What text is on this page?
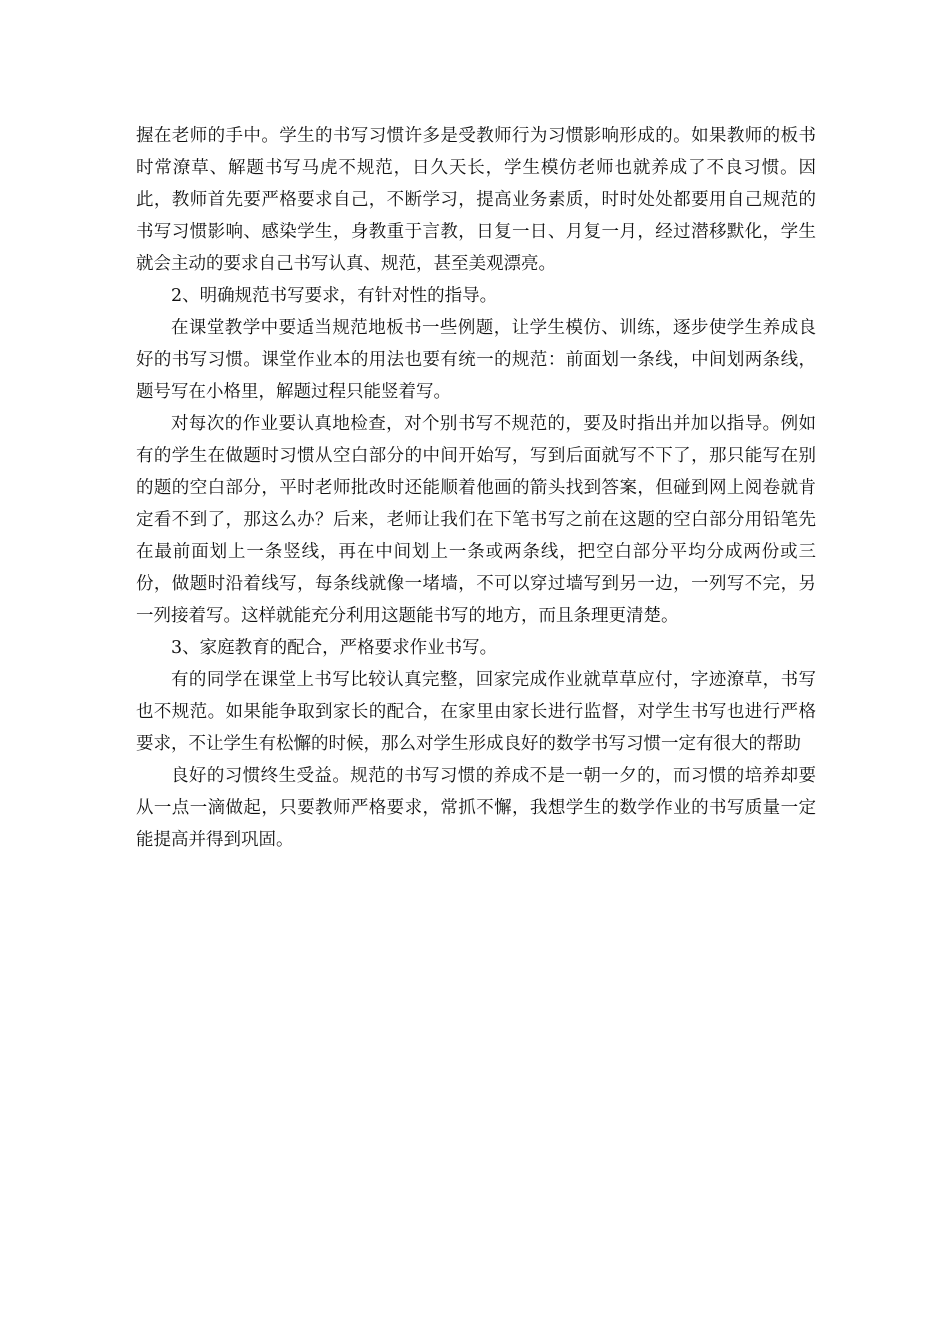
握在老师的手中。学生的书写习惯许多是受教师行为习惯影响形成的。如果教师的板书时常潦草、解题书写马虎不规范，日久天长，学生模仿老师也就养成了不良习惯。因此，教师首先要严格要求自己，不断学习，提高业务素质，时时处处都要用自己规范的书写习惯影响、感染学生，身教重于言教，日复一日、月复一月，经过潜移默化，学生就会主动的要求自己书写认真、规范，甚至美观漂亮。

2、明确规范书写要求，有针对性的指导。

在课堂教学中要适当规范地板书一些例题，让学生模仿、训练，逐步使学生养成良好的书写习惯。课堂作业本的用法也要有统一的规范：前面划一条线，中间划两条线，题号写在小格里，解题过程只能竖着写。

对每次的作业要认真地检查，对个别书写不规范的，要及时指出并加以指导。例如有的学生在做题时习惯从空白部分的中间开始写，写到后面就写不下了，那只能写在别的题的空白部分，平时老师批改时还能顺着他画的箭头找到答案，但碰到网上阅卷就肯定看不到了，那这么办？后来，老师让我们在下笔书写之前在这题的空白部分用铅笔先在最前面划上一条竖线，再在中间划上一条或两条线，把空白部分平均分成两份或三份，做题时沿着线写，每条线就像一堵墙，不可以穿过墙写到另一边，一列写不完，另一列接着写。这样就能充分利用这题能书写的地方，而且条理更清楚。

3、家庭教育的配合，严格要求作业书写。

有的同学在课堂上书写比较认真完整，回家完成作业就草草应付，字迹潦草，书写也不规范。如果能争取到家长的配合，在家里由家长进行监督，对学生书写也进行严格要求，不让学生有松懈的时候，那么对学生形成良好的数学书写习惯一定有很大的帮助

良好的习惯终生受益。规范的书写习惯的养成不是一朝一夕的，而习惯的培养却要从一点一滴做起，只要教师严格要求，常抓不懈，我想学生的数学作业的书写质量一定能提高并得到巩固。
